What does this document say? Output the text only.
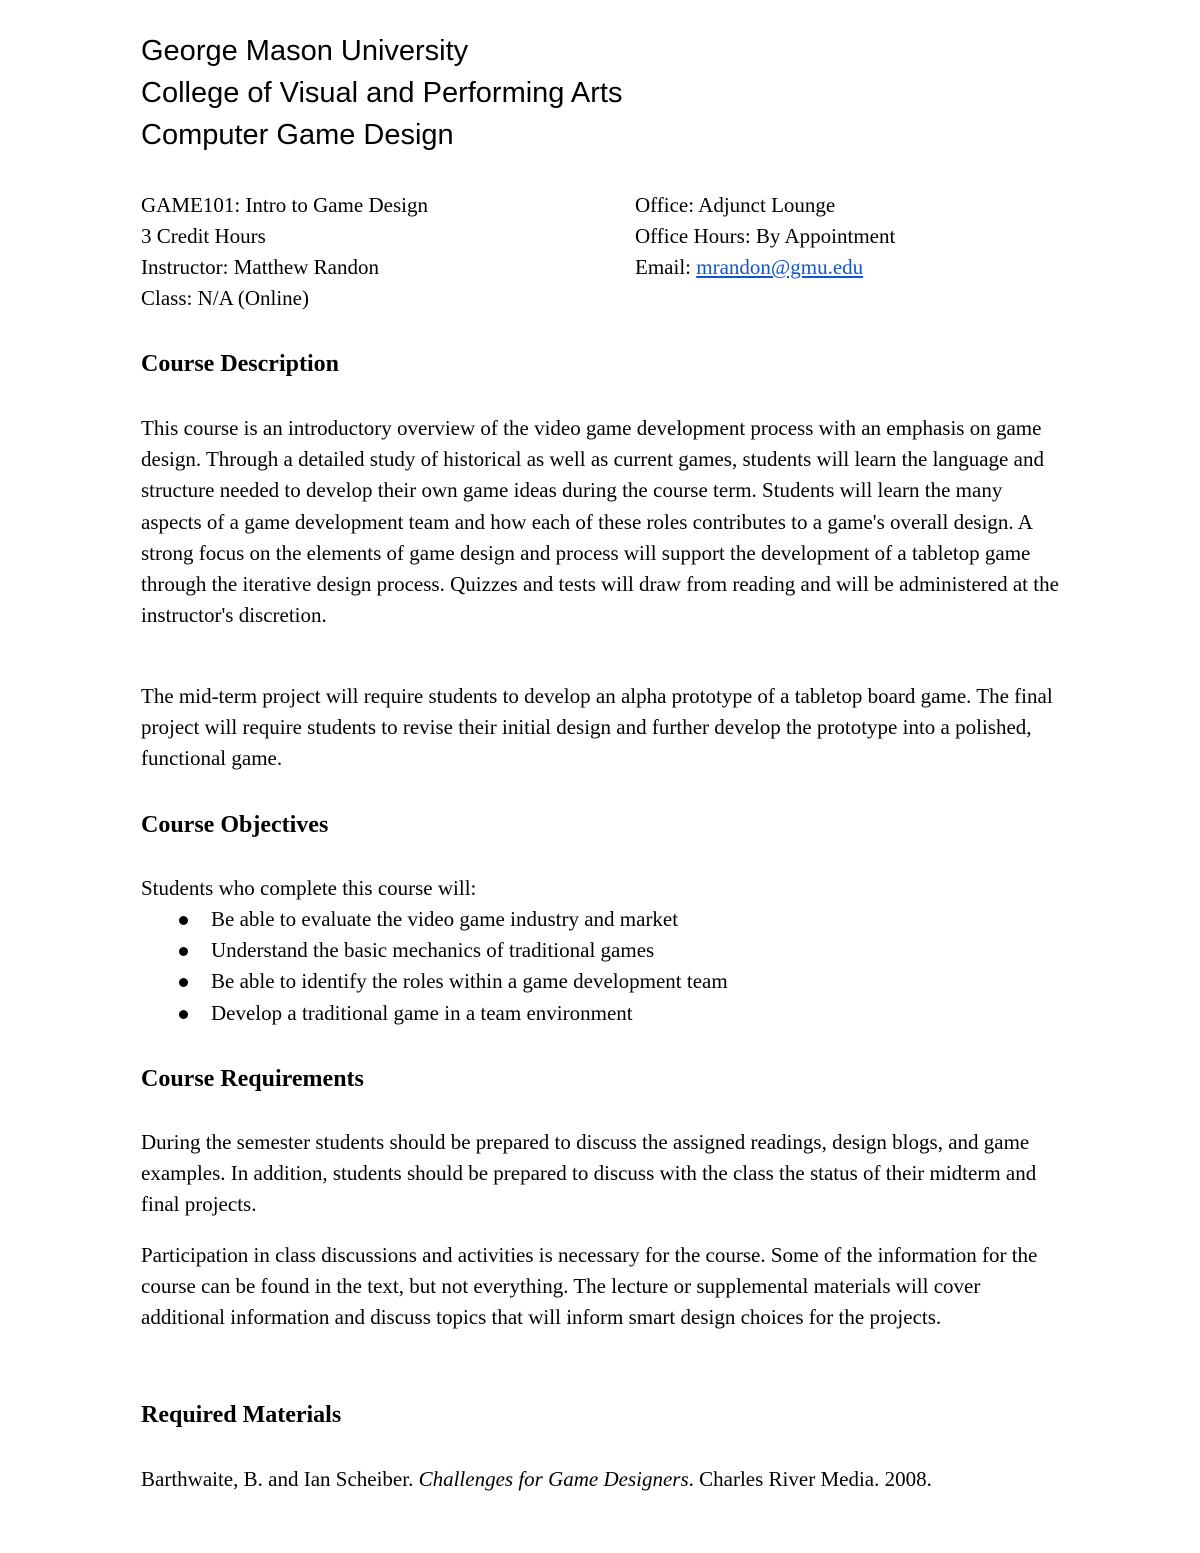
George Mason University
College of Visual and Performing Arts
Computer Game Design
GAME101: Intro to Game Design
3 Credit Hours
Instructor: Matthew Randon
Class: N/A (Online)
Office: Adjunct Lounge
Office Hours: By Appointment
Email: mrandon@gmu.edu
Course Description
This course is an introductory overview of the video game development process with an emphasis on game design. Through a detailed study of historical as well as current games, students will learn the language and structure needed to develop their own game ideas during the course term. Students will learn the many aspects of a game development team and how each of these roles contributes to a game's overall design. A strong focus on the elements of game design and process will support the development of a tabletop game through the iterative design process. Quizzes and tests will draw from reading and will be administered at the instructor's discretion.
The mid-term project will require students to develop an alpha prototype of a tabletop board game. The final project will require students to revise their initial design and further develop the prototype into a polished, functional game.
Course Objectives
Students who complete this course will:
Be able to evaluate the video game industry and market
Understand the basic mechanics of traditional games
Be able to identify the roles within a game development team
Develop a traditional game in a team environment
Course Requirements
During the semester students should be prepared to discuss the assigned readings, design blogs, and game examples. In addition, students should be prepared to discuss with the class the status of their midterm and final projects.
Participation in class discussions and activities is necessary for the course. Some of the information for the course can be found in the text, but not everything. The lecture or supplemental materials will cover additional information and discuss topics that will inform smart design choices for the projects.
Required Materials
Barthwaite, B. and Ian Scheiber. Challenges for Game Designers. Charles River Media. 2008.
